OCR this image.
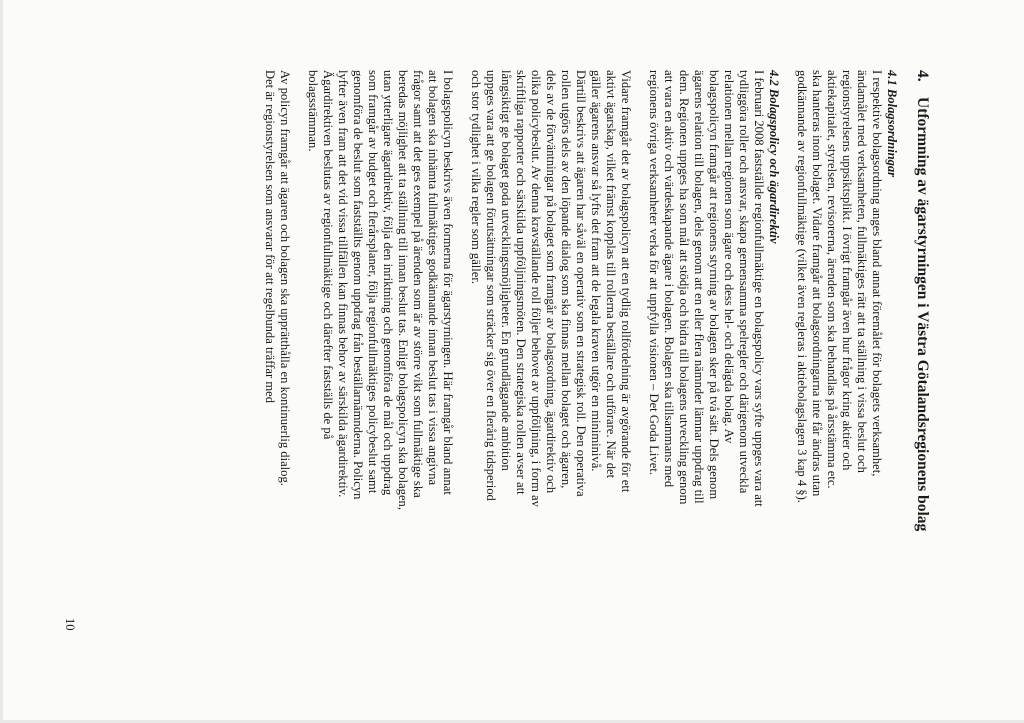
4.Utformning av ägarstyrningen i Västra Götalandsregionens bolag

4.1 Bolagsordningar

I respektive bolagsordning anges bland annat föremålet för bolagets verksamhet,
ändamålet med verksamheten, fullmäktiges rätt att ta ställning i vissa beslut och
regionstyrelsens uppsiktsplikt. I övrigt framgår även hur frågor kring aktier och
aktiekapitalet, styrelsen, revisorerna, ärenden som ska behandlas på årsstämma etc.
ska hanteras inom bolaget. Vidare framgår att bolagsordningarna inte får ändras utan
godkännande av regionfullmäktige (vilket även regleras i aktiebolagslagen 3 kap 4 §).

4.2 Bolagspolicy och ägardirektiv

I februari 2008 fastställde regionfullmäktige en bolagspolicy vars syfte uppges vara att
tydliggöra roller och ansvar, skapa gemensamma spelregler och därigenom utveckla
relationen mellan regionen som ägare och dess hel- och delägda bolag. Av
bolagspolicyn framgår att regionens styrning av bolagen sker på två sätt. Dels genom
ägarens relation till bolagen, dels genom att en eller flera nämnder lämnar uppdrag till
dem. Regionen uppges ha som mål att stödja och bidra till bolagens utveckling genom
att vara en aktiv och värdeskapande ägare i bolagen. Bolagen ska tillsammans med
regionens övriga verksamheter verka för att uppfylla visionen – Det Goda Livet.

Vidare framgår det av bolagspolicyn att en tydlig rollfördelning är avgörande för ett
aktivt ägarskap, vilket främst kopplas till rollerna beställare och utförare. När det
gäller ägarens ansvar så lyfts det fram att de legala kraven utgör en miniminivå.
Därtill beskrivs att ägaren har såväl en operativ som en strategisk roll. Den operativa
rollen utgörs dels av den löpande dialog som ska finnas mellan bolaget och ägaren,
dels av de förväntningar på bolaget som framgår av bolagsordning, ägardirektiv och
olika policybeslut. Av denna kravställande roll följer behovet av uppföljning, i form av
skriftliga rapporter och särskilda uppföljningsmöten. Den strategiska rollen avser att
långsiktigt ge bolaget goda utvecklingsmöjligheter. En grundläggande ambition
uppges vara att ge bolagen förutsättningar som sträcker sig över en flerårig tidsperiod
och stor tydlighet i vilka regler som gäller.

I bolagspolicyn beskrivs även formerna för ägarstyrningen. Här framgår bland annat
att bolagen ska inhämta fullmäktiges godkännande innan beslut tas i vissa angivna
frågor samt att det ges exempel på ärenden som är av större vikt som fullmäktige ska
beredas möjlighet att ta ställning till innan beslut tas. Enligt bolagspolicyn ska bolagen,
utan ytterligare ägardirektiv, följa den inriktning och genomföra de mål och uppdrag
som framgår av budget och flerårsplaner, följa regionfullmäktiges policybeslut samt
genomföra de beslut som fastställts genom uppdrag från beställarnämnderna. Policyn
lyfter även fram att det vid vissa tillfällen kan finnas behov av särskilda ägardirektiv.
Ägardirektiven beslutas av regionfullmäktige och därefter fastställs de på
bolagsstämman.

Av policyn framgår att ägaren och bolagen ska upprätthålla en kontinuerlig dialog.
Det är regionstyrelsen som ansvarar för att regelbunda träffar med

10
